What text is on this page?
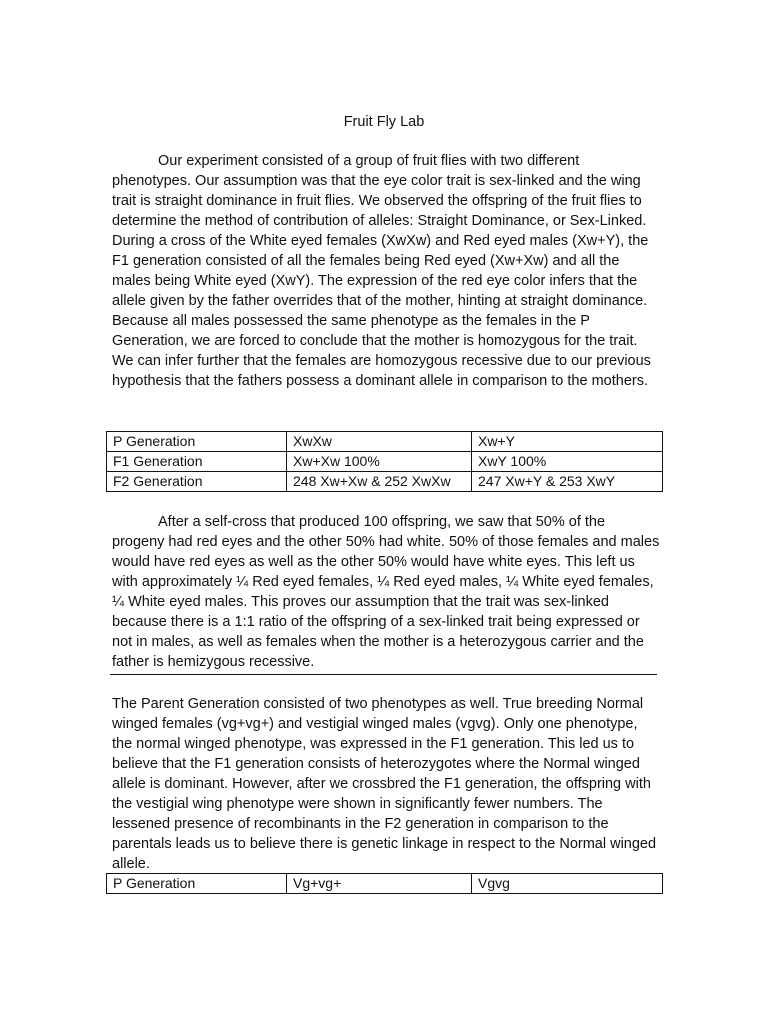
Fruit Fly Lab

Our experiment consisted of a group of fruit flies with two different phenotypes. Our assumption was that the eye color trait is sex-linked and the wing trait is straight dominance in fruit flies. We observed the offspring of the fruit flies to determine the method of contribution of alleles: Straight Dominance, or Sex-Linked. During a cross of the White eyed females (XwXw) and Red eyed males (Xw+Y), the F1 generation consisted of all the females being Red eyed (Xw+Xw) and all the males being White eyed (XwY). The expression of the red eye color infers that the allele given by the father overrides that of the mother, hinting at straight dominance. Because all males possessed the same phenotype as the females in the P Generation, we are forced to conclude that the mother is homozygous for the trait. We can infer further that the females are homozygous recessive due to our previous hypothesis that the fathers possess a dominant allele in comparison to the mothers.

P Generation	XwXw	Xw+Y
F1 Generation	Xw+Xw 100%	XwY 100%
F2 Generation	248 Xw+Xw & 252 XwXw	247 Xw+Y & 253 XwY

After a self-cross that produced 100 offspring, we saw that 50% of the progeny had red eyes and the other 50% had white. 50% of those females and males would have red eyes as well as the other 50% would have white eyes. This left us with approximately ¼ Red eyed females, ¼ Red eyed males, ¼ White eyed females, ¼ White eyed males. This proves our assumption that the trait was sex-linked because there is a 1:1 ratio of the offspring of a sex-linked trait being expressed or not in males, as well as females when the mother is a heterozygous carrier and the father is hemizygous recessive.

The Parent Generation consisted of two phenotypes as well. True breeding Normal winged females (vg+vg+) and vestigial winged males (vgvg). Only one phenotype, the normal winged phenotype, was expressed in the F1 generation. This led us to believe that the F1 generation consists of heterozygotes where the Normal winged allele is dominant. However, after we crossbred the F1 generation, the offspring with the vestigial wing phenotype were shown in significantly fewer numbers. The lessened presence of recombinants in the F2 generation in comparison to the parentals leads us to believe there is genetic linkage in respect to the Normal winged allele.

P Generation	Vg+vg+	Vgvg
